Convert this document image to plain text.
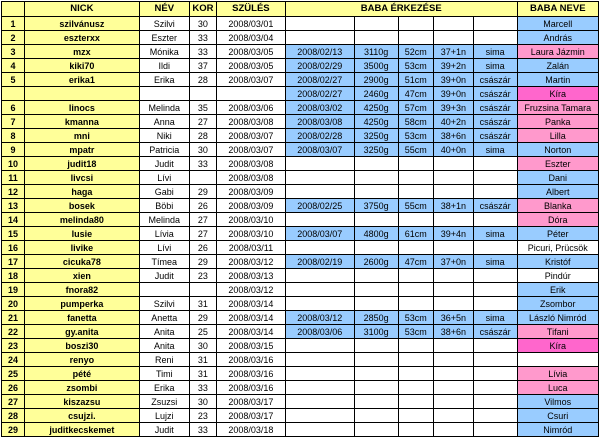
	NICK	NÉV	KOR	SZÜLÉS	BABA ÉRKEZÉSE					BABA NEVE
1	szilvánusz	Szilvi	30	2008/03/01						Marcell
2	eszterxx	Eszter	33	2008/03/04						András
3	mzx	Mónika	33	2008/03/05	2008/02/13	3110g	52cm	37+1n	sima	Laura Jázmin
4	kiki70	Ildi	37	2008/03/05	2008/02/29	3500g	53cm	39+2n	sima	Zalán
5	erika1	Erika	28	2008/03/07	2008/02/27	2900g	51cm	39+0n	császár	Martin
					2008/02/27	2460g	47cm	39+0n	császár	Kíra
6	linocs	Melinda	35	2008/03/06	2008/03/02	4250g	57cm	39+3n	császár	Fruzsina Tamara
7	kmanna	Anna	27	2008/03/08	2008/03/08	4250g	58cm	40+2n	császár	Panka
8	mni	Niki	28	2008/03/07	2008/02/28	3250g	53cm	38+6n	császár	Lilla
9	mpatr	Patricia	30	2008/03/07	2008/03/07	3250g	55cm	40+0n	sima	Norton
10	judit18	Judit	33	2008/03/08						Eszter
11	livcsi	Lívi		2008/03/08						Dani
12	haga	Gabi	29	2008/03/09						Albert
13	bosek	Böbi	26	2008/03/09	2008/02/25	3750g	55cm	38+1n	császár	Blanka
14	melinda80	Melinda	27	2008/03/10						Dóra
15	lusie	Lívia	27	2008/03/10	2008/03/07	4800g	61cm	39+4n	sima	Péter
16	livike	Lívi	26	2008/03/11						Picuri, Prücsök
17	cicuka78	Tímea	29	2008/03/12	2008/02/19	2600g	47cm	37+0n	sima	Kristóf
18	xien	Judit	23	2008/03/13						Pindúr
19	fnora82			2008/03/12						Erik
20	pumperka	Szilvi	31	2008/03/14						Zsombor
21	fanetta	Anetta	29	2008/03/14	2008/03/12	2850g	53cm	36+5n	sima	László Nimród
22	gy.anita	Anita	25	2008/03/14	2008/03/06	3100g	53cm	38+6n	császár	Tifani
23	boszi30	Anita	30	2008/03/15						Kíra
24	renyo	Reni	31	2008/03/16						
25	pété	Timi	31	2008/03/16						Lívia
26	zsombi	Erika	33	2008/03/16						Luca
27	kiszazsu	Zsuzsi	30	2008/03/17						Vilmos
28	csujzi.	Lujzi	23	2008/03/17						Csuri
29	juditkecskemet	Judit	33	2008/03/18						Nimród
